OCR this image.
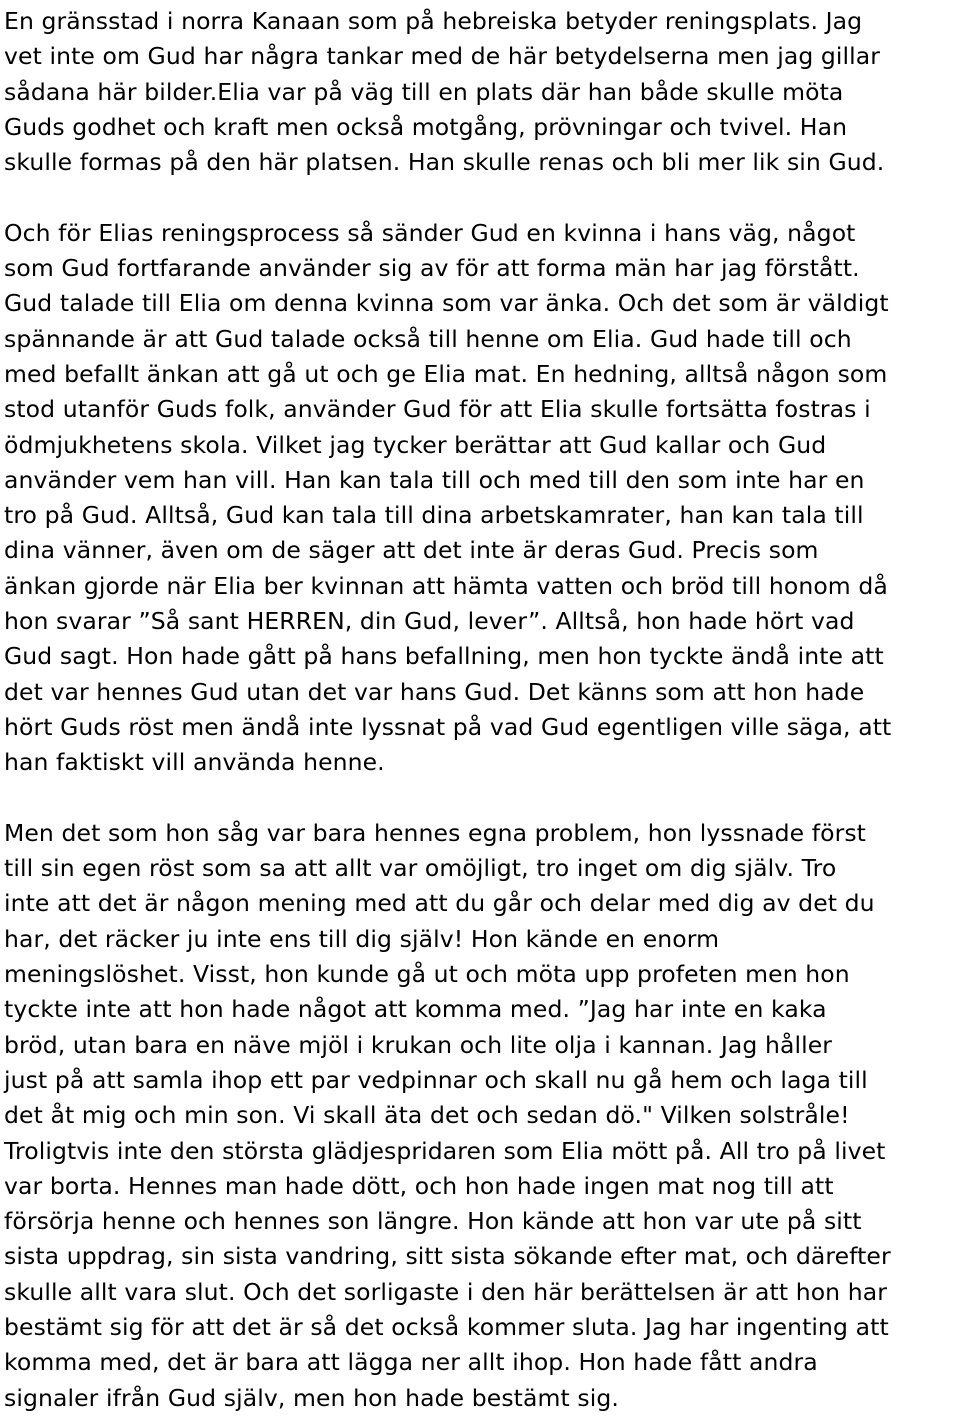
En gränsstad i norra Kanaan som på hebreiska betyder reningsplats. Jag
vet inte om Gud har några tankar med de här betydelserna men jag gillar
sådana här bilder.Elia var på väg till en plats där han både skulle möta
Guds godhet och kraft men också motgång, prövningar och tvivel. Han
skulle formas på den här platsen. Han skulle renas och bli mer lik sin Gud.
Och för Elias reningsprocess så sänder Gud en kvinna i hans väg, något
som Gud fortfarande använder sig av för att forma män har jag förstått.
Gud talade till Elia om denna kvinna som var änka. Och det som är väldigt
spännande är att Gud talade också till henne om Elia. Gud hade till och
med befallt änkan att gå ut och ge Elia mat. En hedning, alltså någon som
stod utanför Guds folk, använder Gud för att Elia skulle fortsätta fostras i
ödmjukhetens skola. Vilket jag tycker berättar att Gud kallar och Gud
använder vem han vill. Han kan tala till och med till den som inte har en
tro på Gud. Alltså, Gud kan tala till dina arbetskamrater, han kan tala till
dina vänner, även om de säger att det inte är deras Gud. Precis som
änkan gjorde när Elia ber kvinnan att hämta vatten och bröd till honom då
hon svarar ”Så sant HERREN, din Gud, lever”. Alltså, hon hade hört vad
Gud sagt. Hon hade gått på hans befallning, men hon tyckte ändå inte att
det var hennes Gud utan det var hans Gud. Det känns som att hon hade
hört Guds röst men ändå inte lyssnat på vad Gud egentligen ville säga, att
han faktiskt vill använda henne.
Men det som hon såg var bara hennes egna problem, hon lyssnade först
till sin egen röst som sa att allt var omöjligt, tro inget om dig själv. Tro
inte att det är någon mening med att du går och delar med dig av det du
har, det räcker ju inte ens till dig själv! Hon kände en enorm
meningslöshet. Visst, hon kunde gå ut och möta upp profeten men hon
tyckte inte att hon hade något att komma med. ”Jag har inte en kaka
bröd, utan bara en näve mjöl i krukan och lite olja i kannan. Jag håller
just på att samla ihop ett par vedpinnar och skall nu gå hem och laga till
det åt mig och min son. Vi skall äta det och sedan dö." Vilken solstråle!
Troligtvis inte den största glädjespridaren som Elia mött på. All tro på livet
var borta. Hennes man hade dött, och hon hade ingen mat nog till att
försörja henne och hennes son längre. Hon kände att hon var ute på sitt
sista uppdrag, sin sista vandring, sitt sista sökande efter mat, och därefter
skulle allt vara slut. Och det sorligaste i den här berättelsen är att hon har
bestämt sig för att det är så det också kommer sluta. Jag har ingenting att
komma med, det är bara att lägga ner allt ihop. Hon hade fått andra
signaler ifrån Gud själv, men hon hade bestämt sig.
